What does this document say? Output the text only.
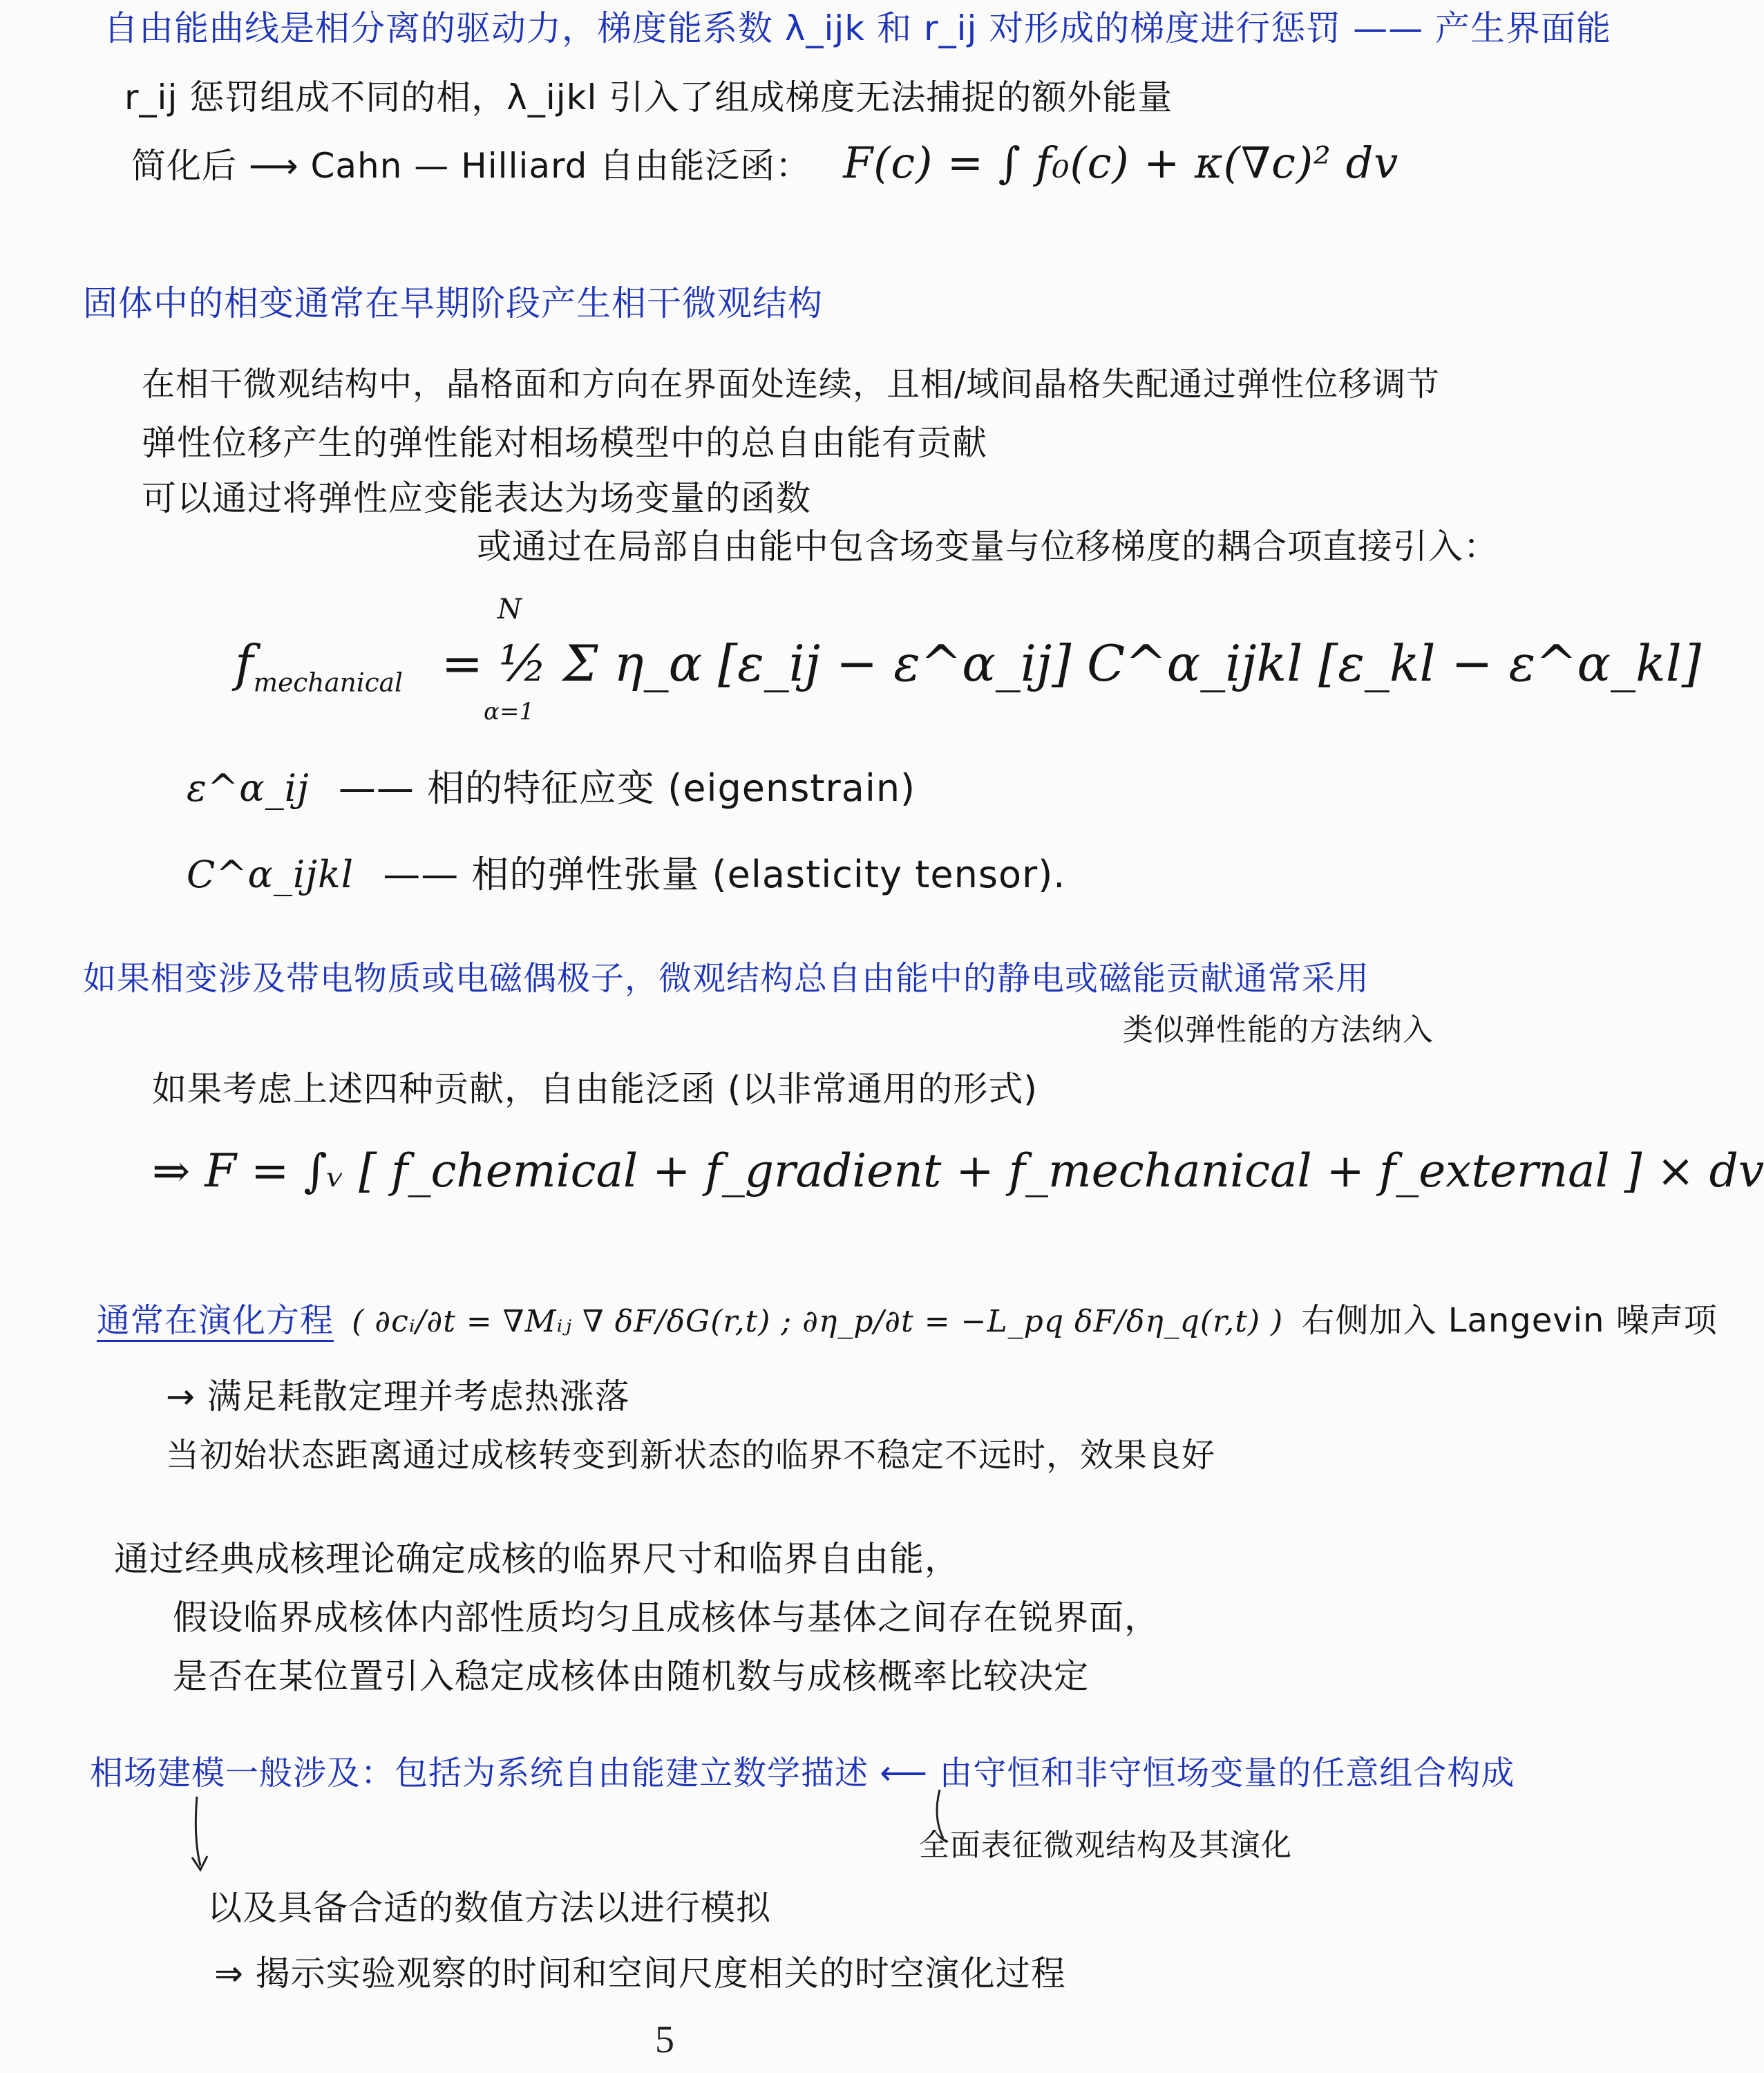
自由能曲线是相分离的驱动力，梯度能系数 λ_ijk 和 r_ij 对形成的梯度进行惩罚 —— 产生界面能
r_ij 惩罚组成不同的相，λ_ijkl 引入了组成梯度无法捕捉的额外能量
简化后 ⟶ Cahn — Hilliard 自由能泛函： F(c) = ∫ f₀(c) + κ(∇c)² dv
固体中的相变通常在早期阶段产生相干微观结构
在相干微观结构中，晶格面和方向在界面处连续，且相/域间晶格失配通过弹性位移调节
弹性位移产生的弹性能对相场模型中的总自由能有贡献
可以通过将弹性应变能表达为场变量的函数
或通过在局部自由能中包含场变量与位移梯度的耦合项直接引入：
$f_{mechanical}$ = ½ Σ η_α [ε_ij − ε^α_ij] C^α_ijkl [ε_kl − ε^α_kl]
N
α=1
ε^α_ij —— 相的特征应变 (eigenstrain)
C^α_ijkl —— 相的弹性张量 (elasticity tensor).
如果相变涉及带电物质或电磁偶极子，微观结构总自由能中的静电或磁能贡献通常采用
类似弹性能的方法纳入
如果考虑上述四种贡献，自由能泛函 (以非常通用的形式)
⇒ F = ∫ᵥ [ f_chemical + f_gradient + f_mechanical + f_external ] × dv
通常在演化方程 ( ∂cᵢ/∂t = ∇Mᵢⱼ ∇ δF/δG(r,t) ; ∂η_p/∂t = −L_pq δF/δη_q(r,t) ) 右侧加入 Langevin 噪声项
→ 满足耗散定理并考虑热涨落
当初始状态距离通过成核转变到新状态的临界不稳定不远时，效果良好
通过经典成核理论确定成核的临界尺寸和临界自由能，
假设临界成核体内部性质均匀且成核体与基体之间存在锐界面，
是否在某位置引入稳定成核体由随机数与成核概率比较决定
相场建模一般涉及：包括为系统自由能建立数学描述 ⟵ 由守恒和非守恒场变量的任意组合构成
全面表征微观结构及其演化
以及具备合适的数值方法以进行模拟
⇒ 揭示实验观察的时间和空间尺度相关的时空演化过程
5
